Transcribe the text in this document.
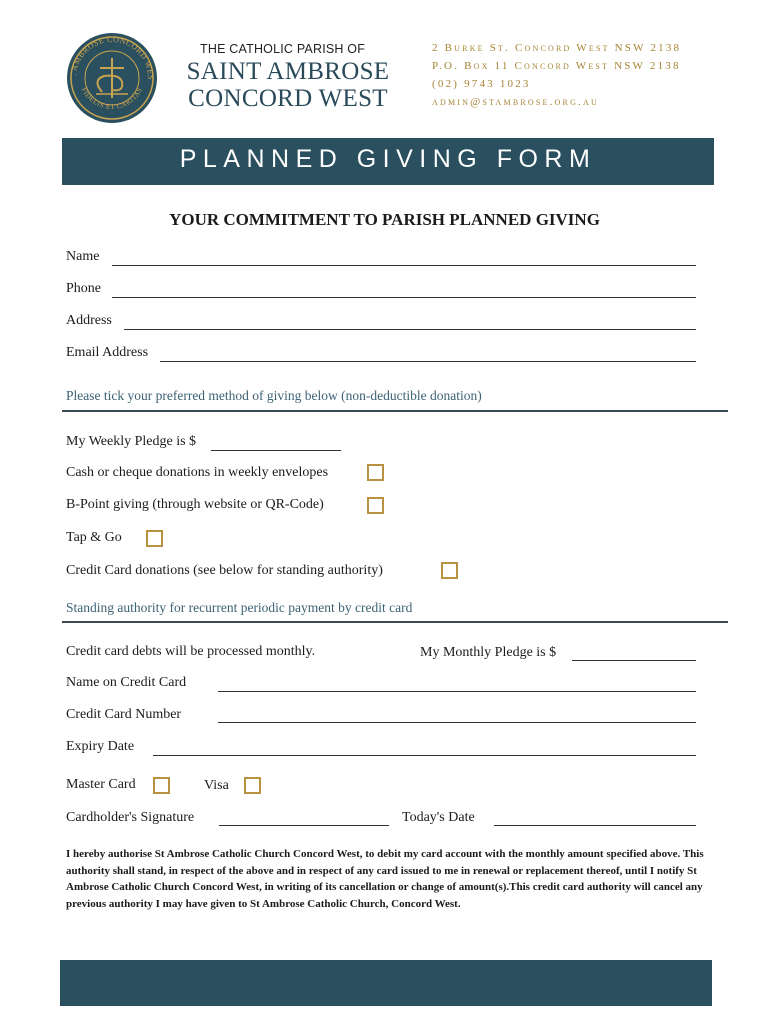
. AMBROSE CONCORD WES
FIDELIS ET CARITAS
THE CATHOLIC PARISH OF
SAINT AMBROSE
CONCORD WEST
2 Burke St. Concord West NSW 2138
P.O. Box 11 Concord West NSW 2138
(02) 9743 1023
admin@stambrose.org.au
PLANNED GIVING FORM
YOUR COMMITMENT TO PARISH PLANNED GIVING
Name
Phone
Address
Email Address
Please tick your preferred method of giving below (non-deductible donation)
My Weekly Pledge is $
Cash or cheque donations in weekly envelopes
B-Point giving (through website or QR-Code)
Tap & Go
Credit Card donations (see below for standing authority)
Standing authority for recurrent periodic payment by credit card
Credit card debts will be processed monthly.	My Monthly Pledge is $
Name on Credit Card
Credit Card Number
Expiry Date
Master Card	Visa
Cardholder's Signature	Today's Date
I hereby authorise St Ambrose Catholic Church Concord West, to debit my card account with the monthly amount specified above. This authority shall stand, in respect of the above and in respect of any card issued to me in renewal or replacement thereof, until I notify St Ambrose Catholic Church Concord West, in writing of its cancellation or change of amount(s).This credit card authority will cancel any previous authority I may have given to St Ambrose Catholic Church, Concord West.
